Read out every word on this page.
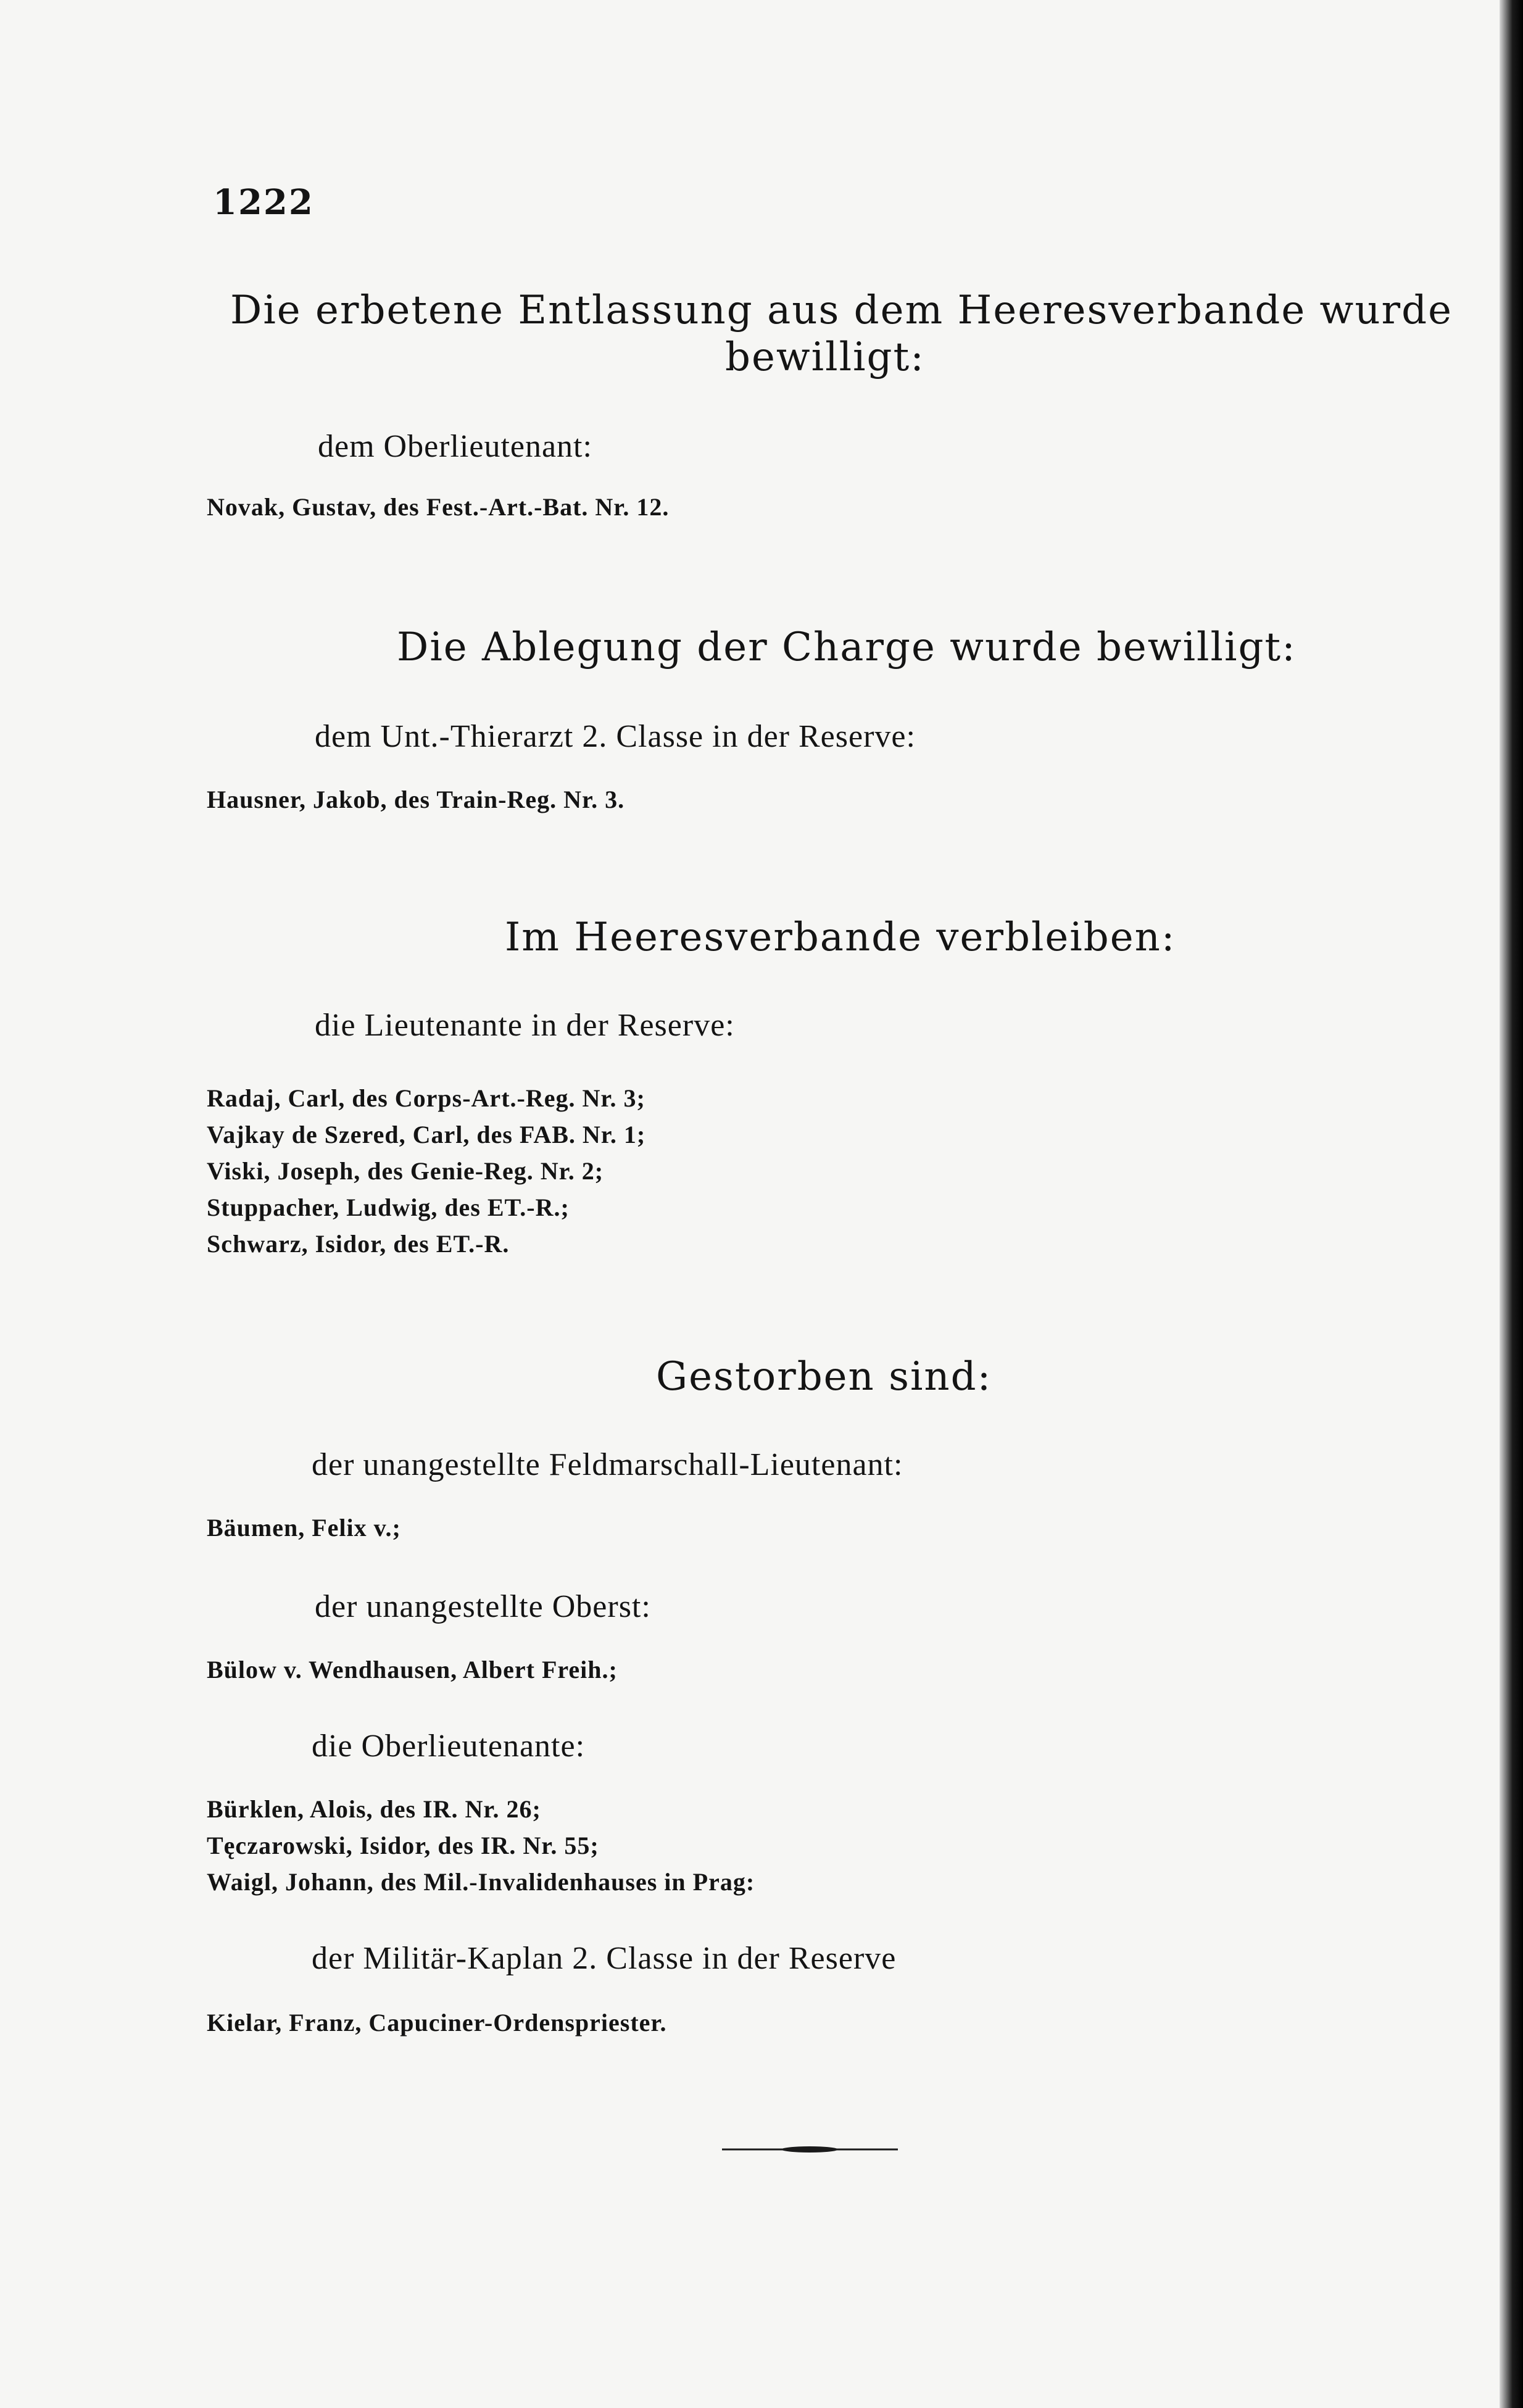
1222
Die erbetene Entlassung aus dem Heeresverbande wurde
bewilligt:
dem Oberlieutenant:
Novak, Gustav, des Fest.-Art.-Bat. Nr. 12.
Die Ablegung der Charge wurde bewilligt:
dem Unt.-Thierarzt 2. Classe in der Reserve:
Hausner, Jakob, des Train-Reg. Nr. 3.
Im Heeresverbande verbleiben:
die Lieutenante in der Reserve:
Radaj, Carl, des Corps-Art.-Reg. Nr. 3;
Vajkay de Szered, Carl, des FAB. Nr. 1;
Viski, Joseph, des Genie-Reg. Nr. 2;
Stuppacher, Ludwig, des ET.-R.;
Schwarz, Isidor, des ET.-R.
Gestorben sind:
der unangestellte Feldmarschall-Lieutenant:
Bäumen, Felix v.;
der unangestellte Oberst:
Bülow v. Wendhausen, Albert Freih.;
die Oberlieutenante:
Bürklen, Alois, des IR. Nr. 26;
Tęczarowski, Isidor, des IR. Nr. 55;
Waigl, Johann, des Mil.-Invalidenhauses in Prag:
der Militär-Kaplan 2. Classe in der Reserve
Kielar, Franz, Capuciner-Ordenspriester.
